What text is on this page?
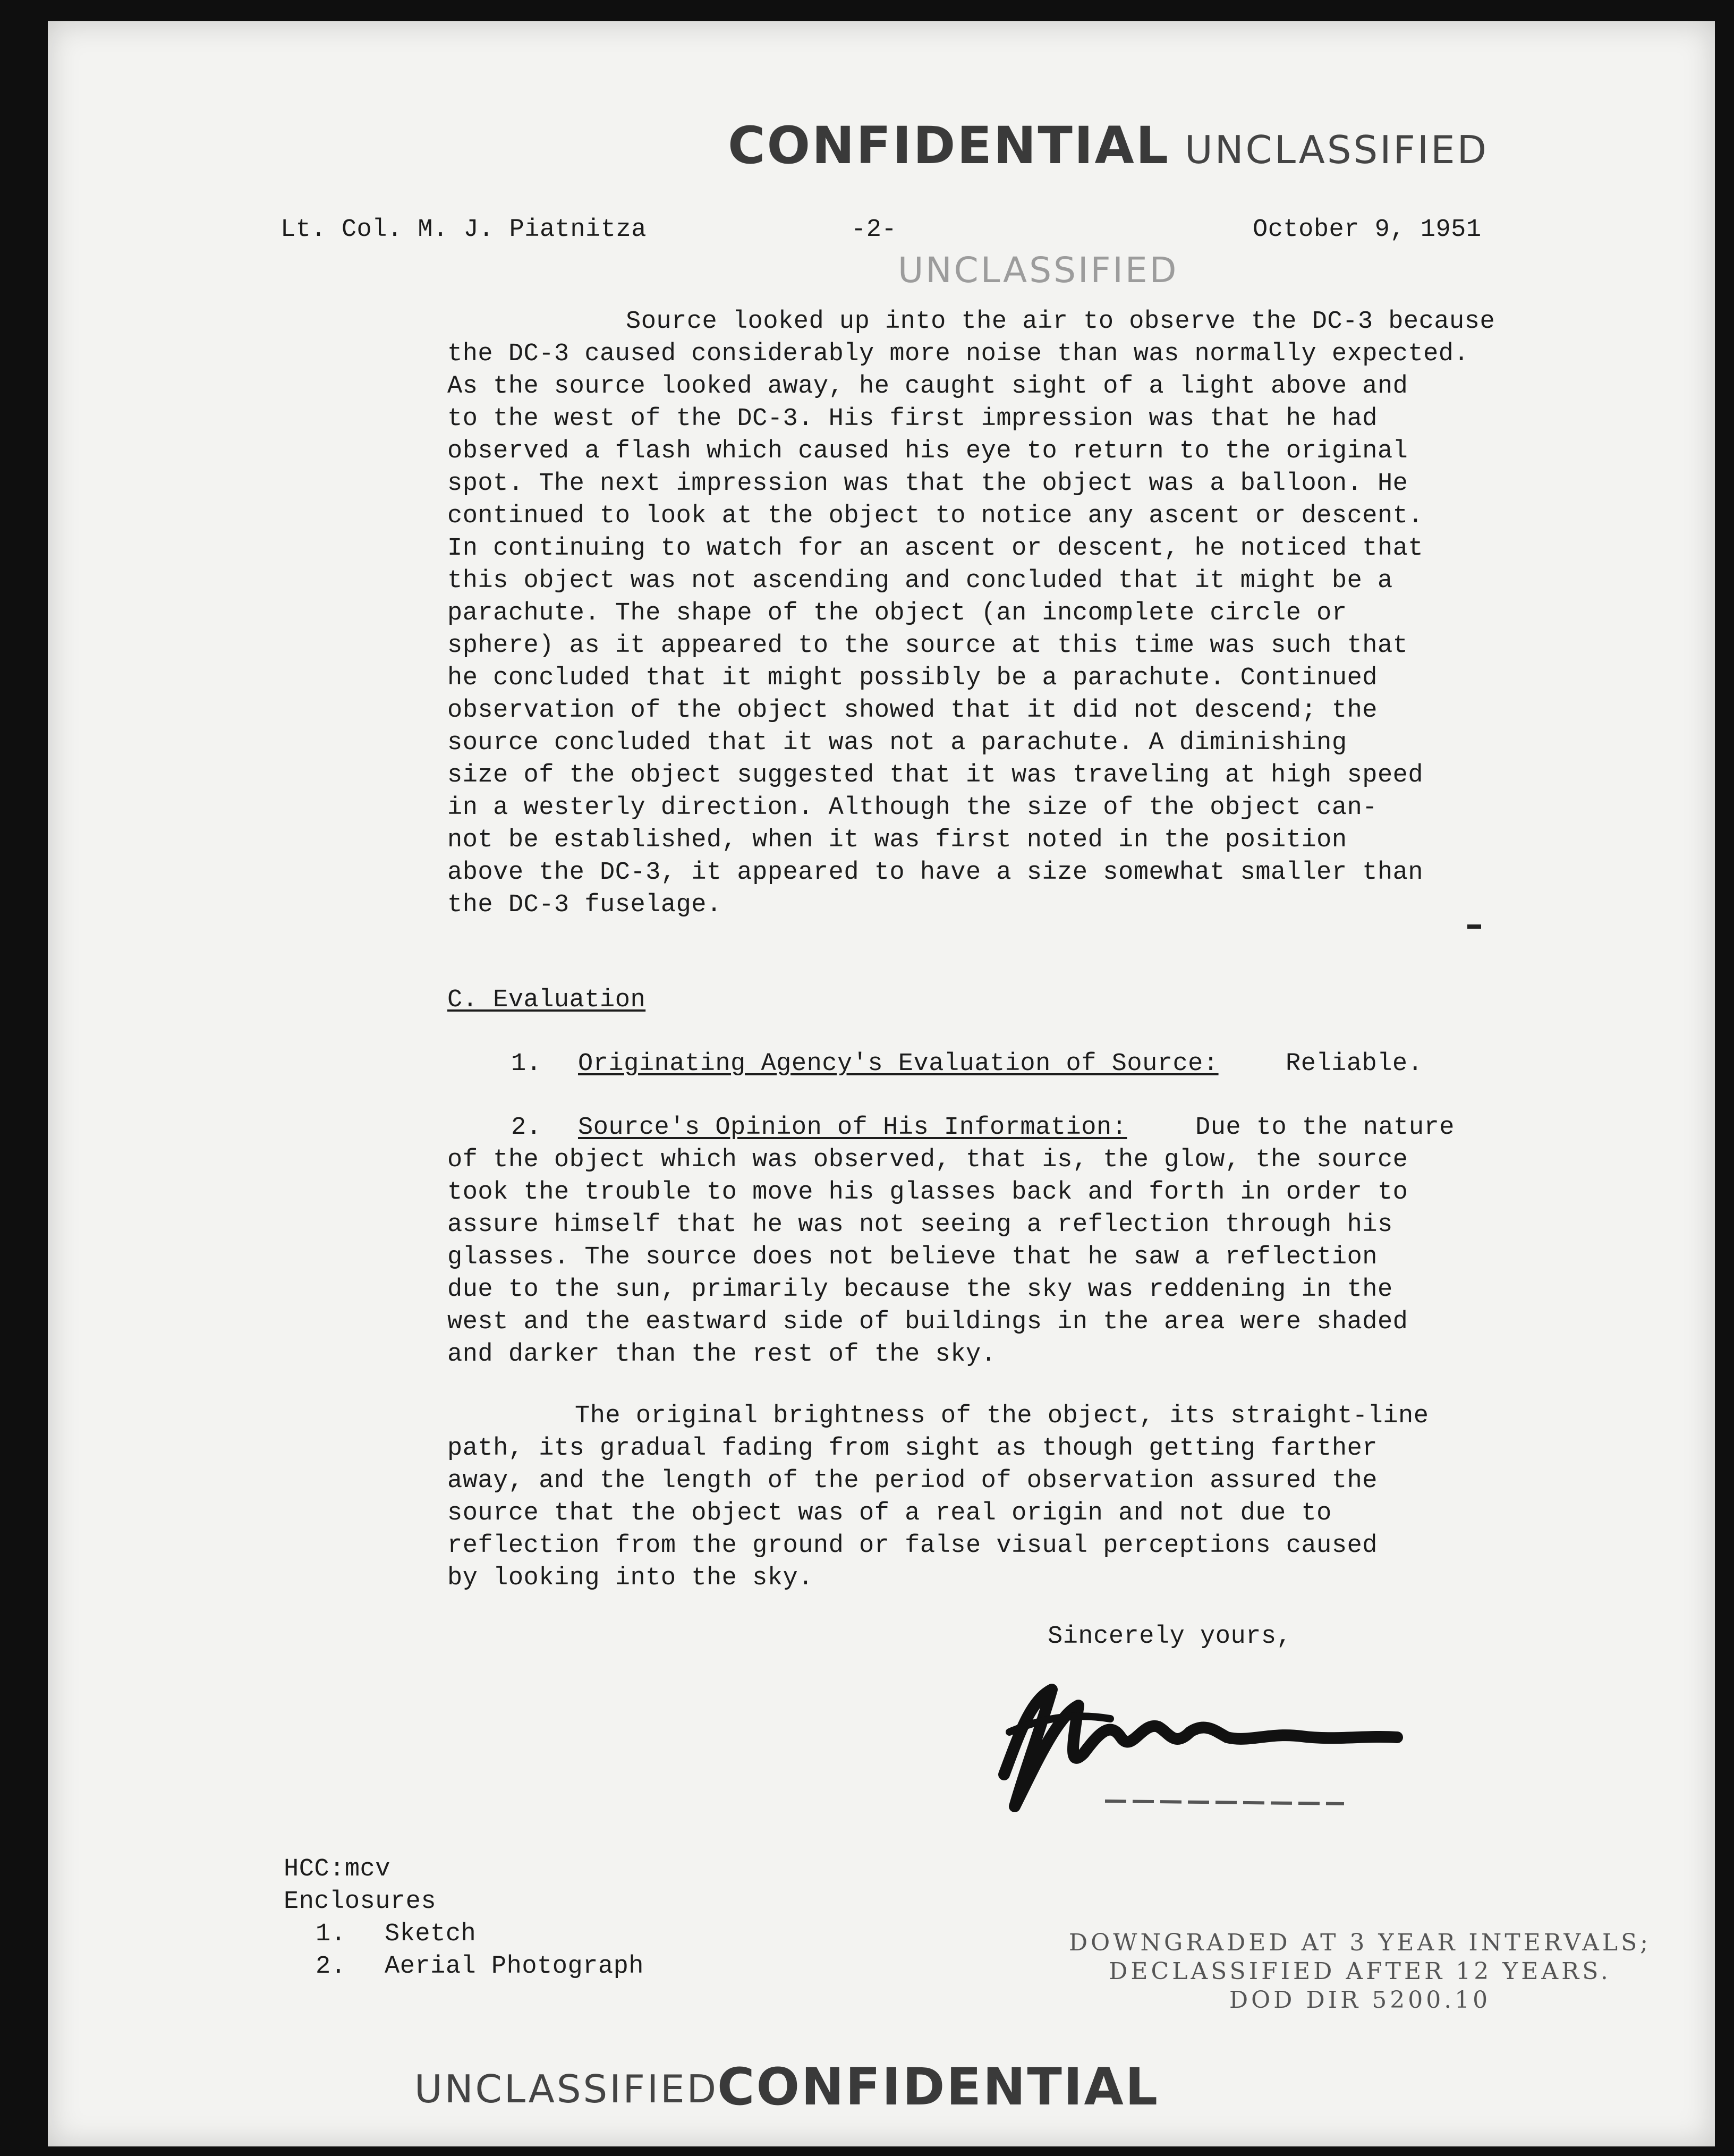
CONFIDENTIAL UNCLASSIFIED
Lt. Col. M. J. Piatnitza	-2-	October 9, 1951
UNCLASSIFIED
Source looked up into the air to observe the DC-3 because
the DC-3 caused considerably more noise than was normally expected.
As the source looked away, he caught sight of a light above and
to the west of the DC-3. His first impression was that he had
observed a flash which caused his eye to return to the original
spot. The next impression was that the object was a balloon. He
continued to look at the object to notice any ascent or descent.
In continuing to watch for an ascent or descent, he noticed that
this object was not ascending and concluded that it might be a
parachute. The shape of the object (an incomplete circle or
sphere) as it appeared to the source at this time was such that
he concluded that it might possibly be a parachute. Continued
observation of the object showed that it did not descend; the
source concluded that it was not a parachute. A diminishing
size of the object suggested that it was traveling at high speed
in a westerly direction. Although the size of the object can-
not be established, when it was first noted in the position
above the DC-3, it appeared to have a size somewhat smaller than
the DC-3 fuselage.
C. Evaluation
1. Originating Agency's Evaluation of Source:	Reliable.
2. Source's Opinion of His Information:	Due to the nature
of the object which was observed, that is, the glow, the source
took the trouble to move his glasses back and forth in order to
assure himself that he was not seeing a reflection through his
glasses. The source does not believe that he saw a reflection
due to the sun, primarily because the sky was reddening in the
west and the eastward side of buildings in the area were shaded
and darker than the rest of the sky.
The original brightness of the object, its straight-line
path, its gradual fading from sight as though getting farther
away, and the length of the period of observation assured the
source that the object was of a real origin and not due to
reflection from the ground or false visual perceptions caused
by looking into the sky.
Sincerely yours,
HCC:mcv
Enclosures
1. Sketch
2. Aerial Photograph
DOWNGRADED AT 3 YEAR INTERVALS;
DECLASSIFIED AFTER 12 YEARS.
DOD DIR 5200.10
UNCLASSIFIED
CONFIDENTIAL
